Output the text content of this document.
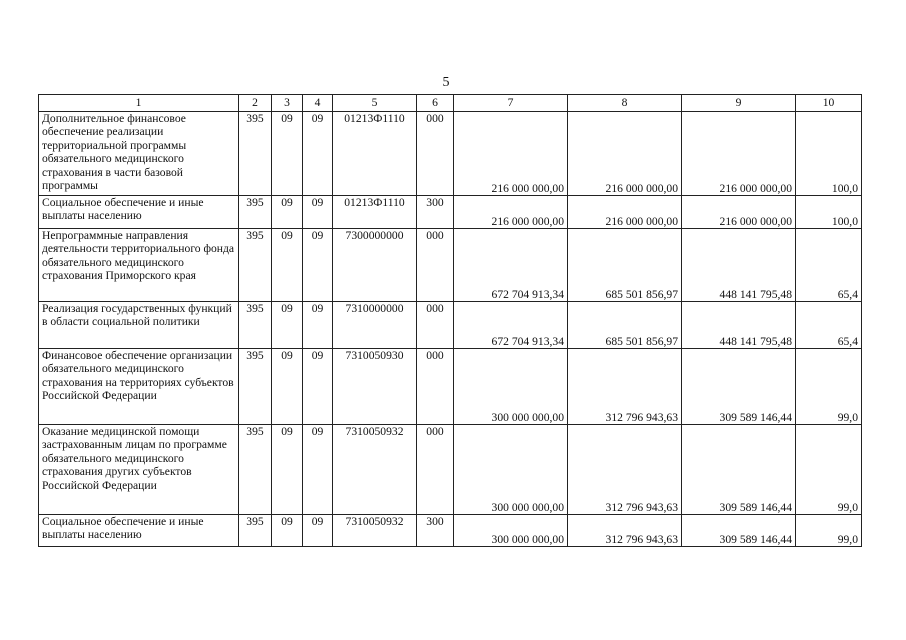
5
1	2	3	4	5	6	7	8	9	10
Дополнительное финансовое обеспечение реализации территориальной программы обязательного медицинского страхования в части базовой программы	395	09	09	01213Ф1110	000	216 000 000,00	216 000 000,00	216 000 000,00	100,0
Социальное обеспечение и иные выплаты населению	395	09	09	01213Ф1110	300	216 000 000,00	216 000 000,00	216 000 000,00	100,0
Непрограммные направления деятельности территориального фонда обязательного медицинского страхования Приморского края	395	09	09	7300000000	000	672 704 913,34	685 501 856,97	448 141 795,48	65,4
Реализация государственных функций в области социальной политики	395	09	09	7310000000	000	672 704 913,34	685 501 856,97	448 141 795,48	65,4
Финансовое обеспечение организации обязательного медицинского страхования на территориях субъектов Российской Федерации	395	09	09	7310050930	000	300 000 000,00	312 796 943,63	309 589 146,44	99,0
Оказание медицинской помощи застрахованным лицам по программе обязательного медицинского страхования других субъектов Российской Федерации	395	09	09	7310050932	000	300 000 000,00	312 796 943,63	309 589 146,44	99,0
Социальное обеспечение и иные выплаты населению	395	09	09	7310050932	300	300 000 000,00	312 796 943,63	309 589 146,44	99,0
